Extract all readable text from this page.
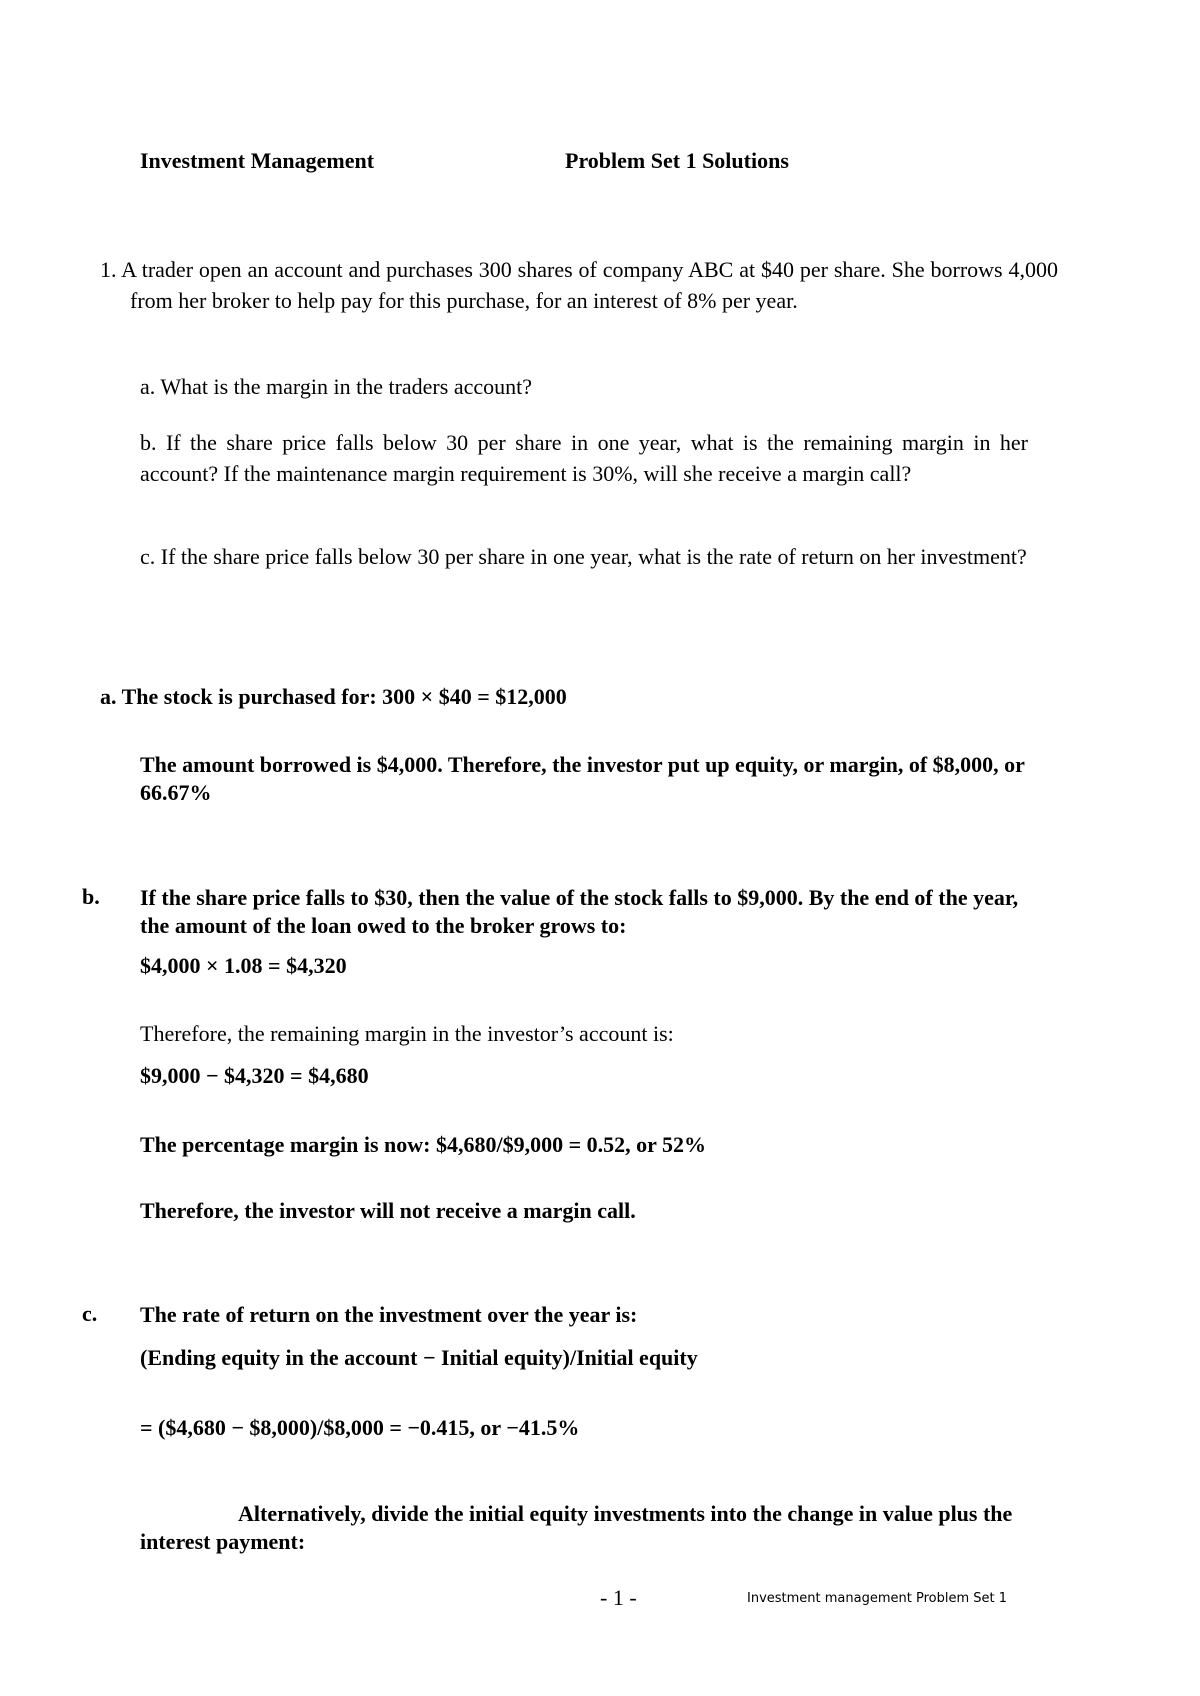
Investment Management	Problem Set 1 Solutions
1. A trader open an account and purchases 300 shares of company ABC at $40 per share. She borrows 4,000 from her broker to help pay for this purchase, for an interest of 8% per year.
a. What is the margin in the traders account?
b. If the share price falls below 30 per share in one year, what is the remaining margin in her account? If the maintenance margin requirement is 30%, will she receive a margin call?
c. If the share price falls below 30 per share in one year, what is the rate of return on her investment?
a. The stock is purchased for: 300 × $40 = $12,000
The amount borrowed is $4,000. Therefore, the investor put up equity, or margin, of $8,000, or 66.67%
b. If the share price falls to $30, then the value of the stock falls to $9,000. By the end of the year, the amount of the loan owed to the broker grows to:
$4,000 × 1.08 = $4,320
Therefore, the remaining margin in the investor’s account is:
$9,000 − $4,320 = $4,680
The percentage margin is now: $4,680/$9,000 = 0.52, or 52%
Therefore, the investor will not receive a margin call.
c. The rate of return on the investment over the year is:
(Ending equity in the account − Initial equity)/Initial equity
= ($4,680 − $8,000)/$8,000 = −0.415, or −41.5%
Alternatively, divide the initial equity investments into the change in value plus the interest payment:
- 1 -	Investment management Problem Set 1
